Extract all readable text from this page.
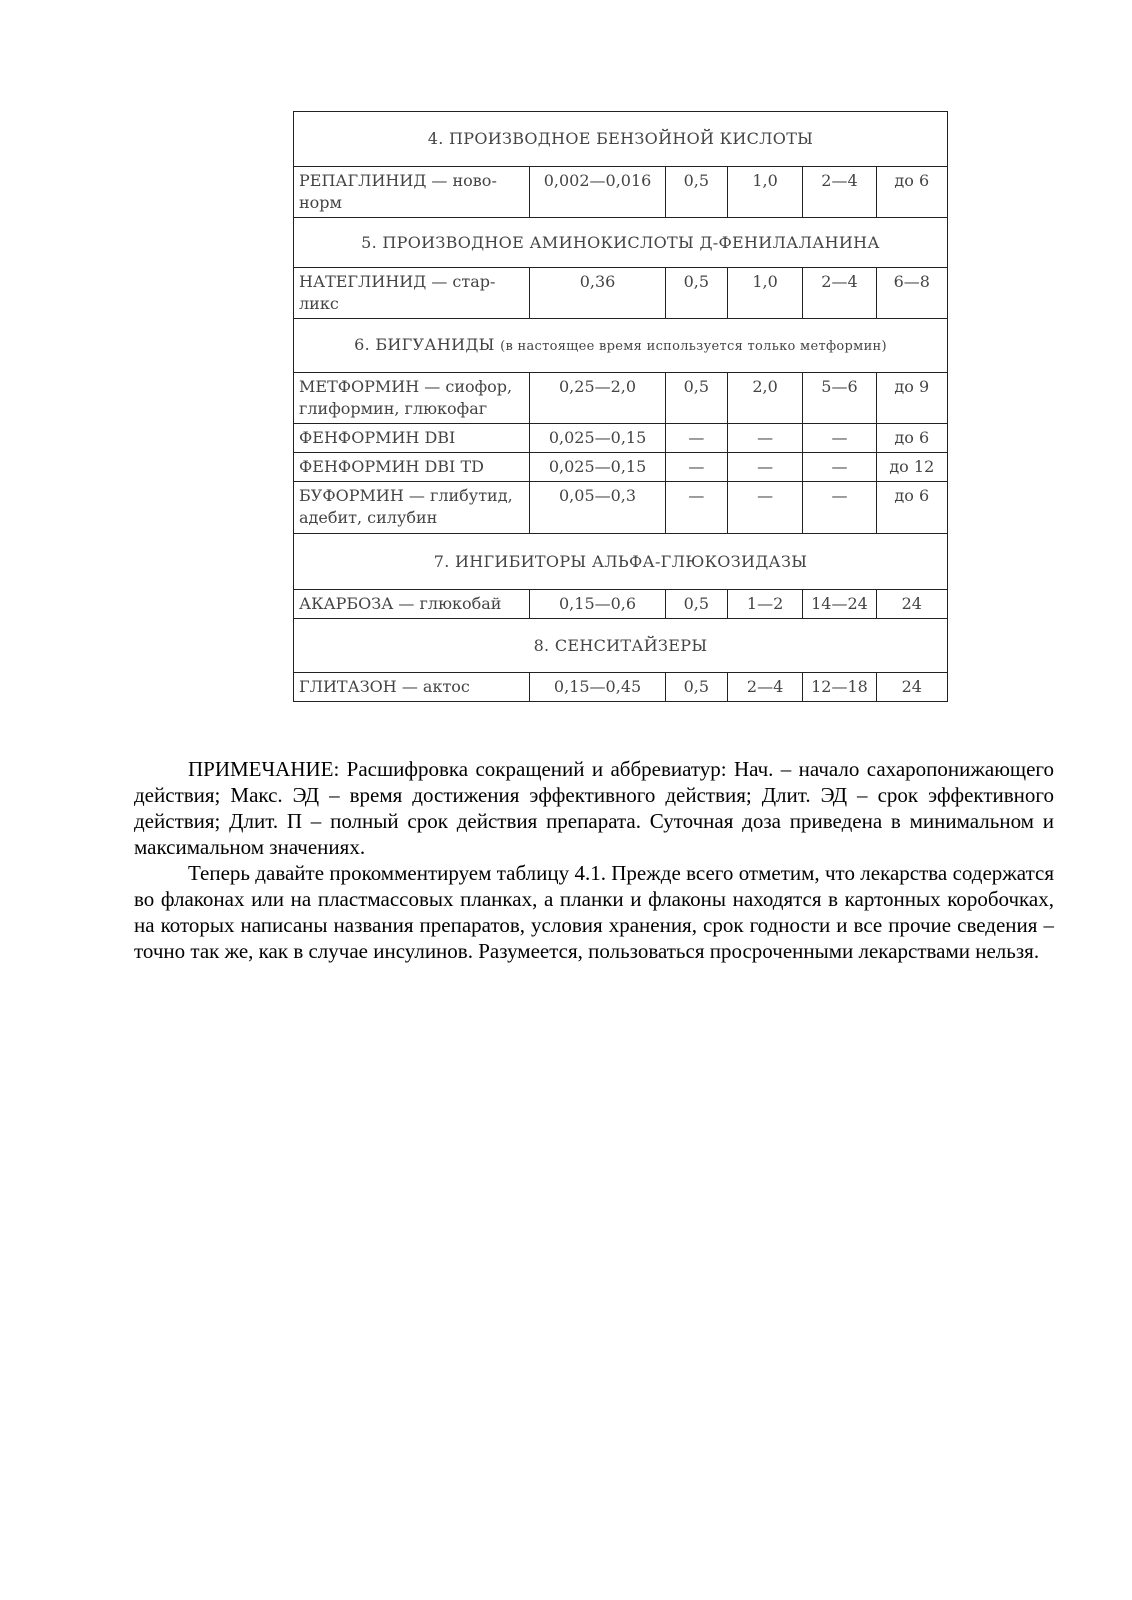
4. ПРОИЗВОДНОЕ БЕНЗОЙНОЙ КИСЛОТЫ					
РЕПАГЛИНИД — ново-норм	0,002—0,016	0,5	1,0	2—4	до 6
5. ПРОИЗВОДНОЕ АМИНОКИСЛОТЫ Д-ФЕНИЛАЛАНИНА					
НАТЕГЛИНИД — стар-ликс	0,36	0,5	1,0	2—4	6—8
6. БИГУАНИДЫ (в настоящее время используется только метформин)					
МЕТФОРМИН — сиофор, глиформин, глюкофаг	0,25—2,0	0,5	2,0	5—6	до 9
ФЕНФОРМИН DBI	0,025—0,15	—	—	—	до 6
ФЕНФОРМИН DBI TD	0,025—0,15	—	—	—	до 12
БУФОРМИН — глибутид, адебит, силубин	0,05—0,3	—	—	—	до 6
7. ИНГИБИТОРЫ АЛЬФА-ГЛЮКОЗИДАЗЫ					
АКАРБОЗА — глюкобай	0,15—0,6	0,5	1—2	14—24	24
8. СЕНСИТАЙЗЕРЫ					
ГЛИТАЗОН — актос	0,15—0,45	0,5	2—4	12—18	24

ПРИМЕЧАНИЕ: Расшифровка сокращений и аббревиатур: Нач. – начало сахаропонижающего действия; Макс. ЭД – время достижения эффективного действия; Длит. ЭД – срок эффективного действия; Длит. П – полный срок действия препарата. Суточная доза приведена в минимальном и максимальном значениях.

Теперь давайте прокомментируем таблицу 4.1. Прежде всего отметим, что лекарства содержатся во флаконах или на пластмассовых планках, а планки и флаконы находятся в картонных коробочках, на которых написаны названия препаратов, условия хранения, срок годности и все прочие сведения – точно так же, как в случае инсулинов. Разумеется, пользоваться просроченными лекарствами нельзя.
